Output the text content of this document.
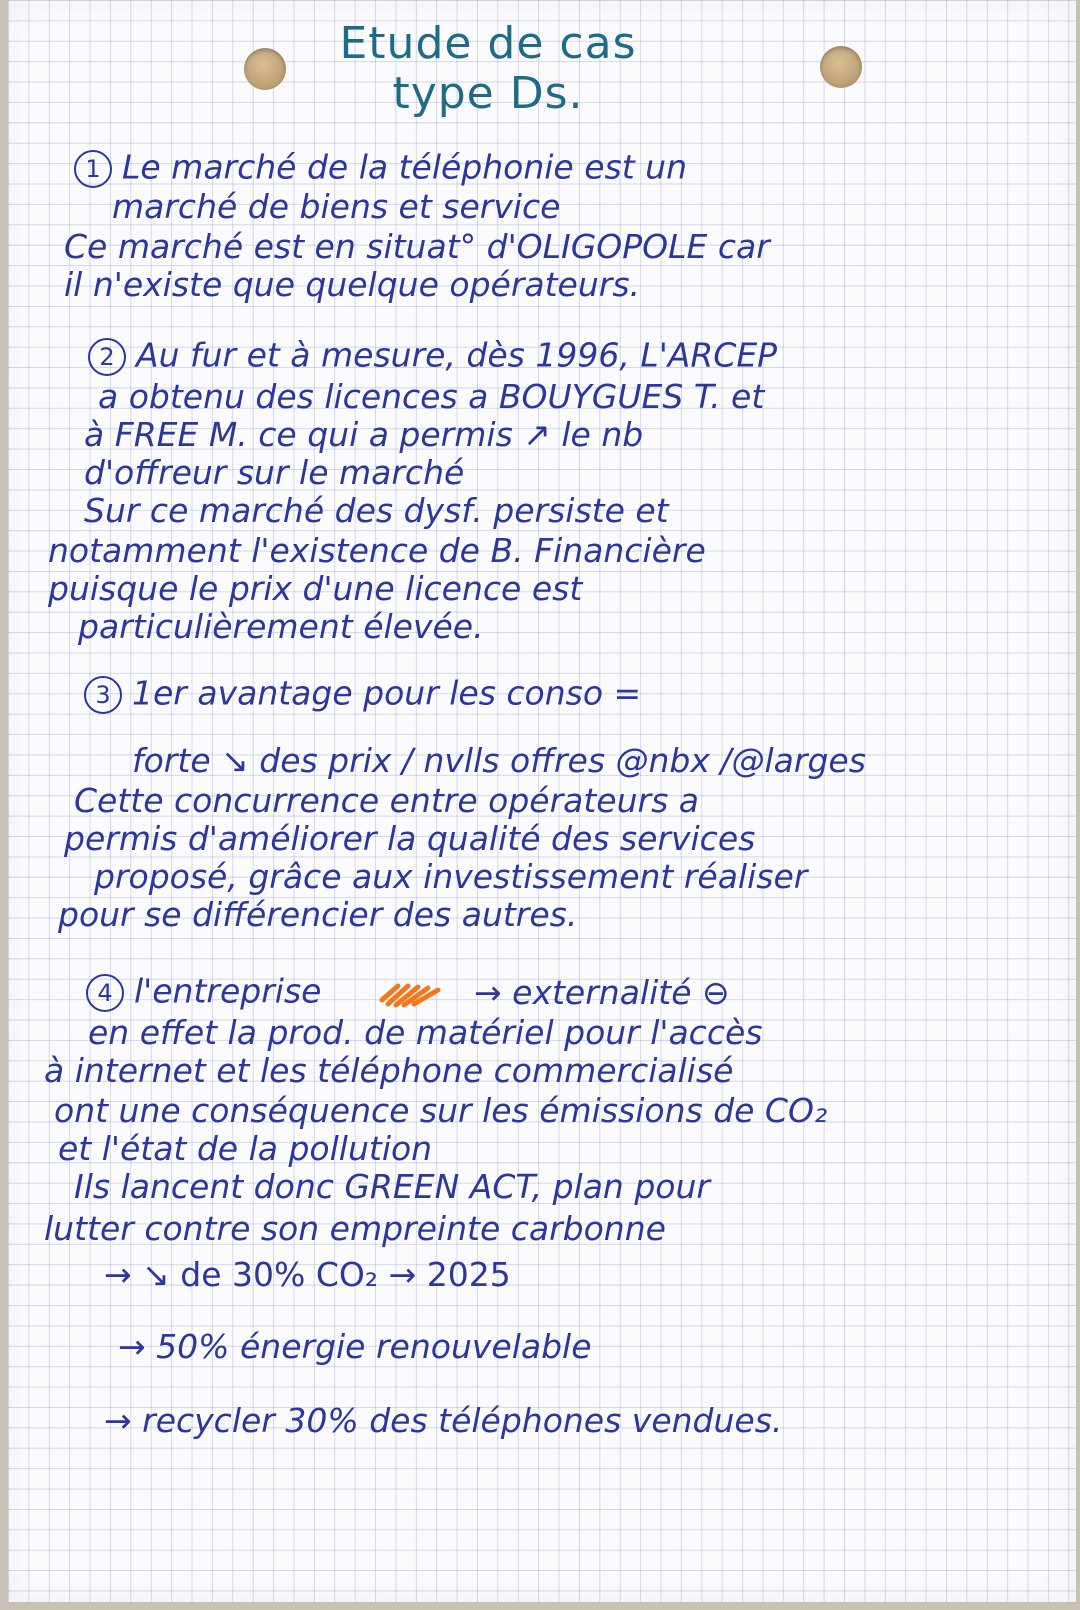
Etude de cas
type Ds.
1 Le marché de la téléphonie est un
marché de biens et service
Ce marché est en situat° d'OLIGOPOLE car
il n'existe que quelque opérateurs.
2 Au fur et à mesure, dès 1996, L'ARCEP
a obtenu des licences a BOUYGUES T. et
à FREE M. ce qui a permis ↗ le nb
d'offreur sur le marché
Sur ce marché des dysf. persiste et
notamment l'existence de B. Financière
puisque le prix d'une licence est
particulièrement élevée.
3 1er avantage pour les conso =
forte ↘ des prix / nvlls offres @nbx /@larges
Cette concurrence entre opérateurs a
permis d'améliorer la qualité des services
proposé, grâce aux investissement réaliser
pour se différencier des autres.
4 l'entreprise	→ externalité ⊖
en effet la prod. de matériel pour l'accès
à internet et les téléphone commercialisé
ont une conséquence sur les émissions de CO₂
et l'état de la pollution
Ils lancent donc GREEN ACT, plan pour
lutter contre son empreinte carbonne
→ ↘ de 30% CO₂ → 2025
→ 50% énergie renouvelable
→ recycler 30% des téléphones vendues.
